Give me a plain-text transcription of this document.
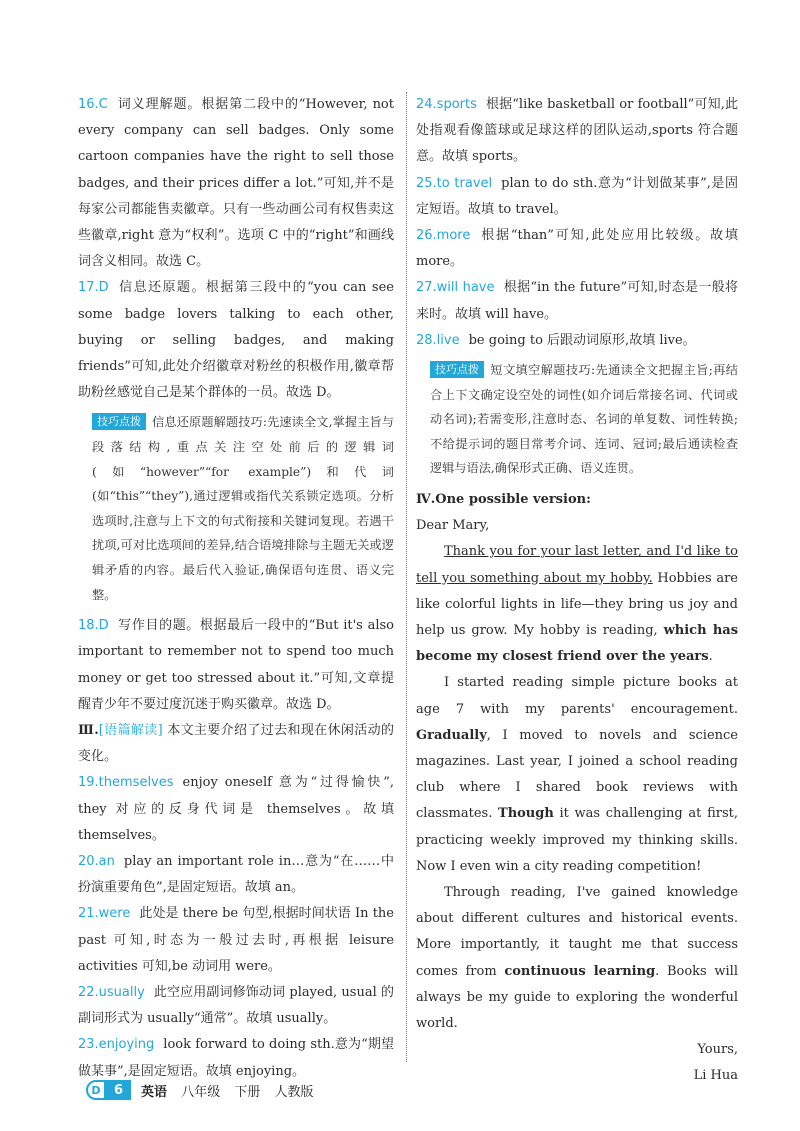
16.C 词义理解题。根据第二段中的“However, not every company can sell badges. Only some cartoon companies have the right to sell those badges, and their prices differ a lot.”可知,并不是每家公司都能售卖徽章。只有一些动画公司有权售卖这些徽章,right 意为“权利”。选项 C 中的“right”和画线词含义相同。故选 C。

17.D 信息还原题。根据第三段中的“you can see some badge lovers talking to each other, buying or selling badges, and making friends”可知,此处介绍徽章对粉丝的积极作用,徽章帮助粉丝感觉自己是某个群体的一员。故选 D。

技巧点拨 信息还原题解题技巧:先速读全文,掌握主旨与段落结构,重点关注空处前后的逻辑词(如“however”“for example”)和代词(如“this”“they”),通过逻辑或指代关系锁定选项。分析选项时,注意与上下文的句式衔接和关键词复现。若遇干扰项,可对比选项间的差异,结合语境排除与主题无关或逻辑矛盾的内容。最后代入验证,确保语句连贯、语义完整。

18.D 写作目的题。根据最后一段中的“But it's also important to remember not to spend too much money or get too stressed about it.”可知,文章提醒青少年不要过度沉迷于购买徽章。故选 D。

Ⅲ.[语篇解读] 本文主要介绍了过去和现在休闲活动的变化。

19.themselves enjoy oneself 意为“过得愉快”, they 对应的反身代词是 themselves。故填 themselves。

20.an play an important role in…意为“在……中扮演重要角色”,是固定短语。故填 an。

21.were 此处是 there be 句型,根据时间状语 In the past 可知,时态为一般过去时,再根据 leisure activities 可知,be 动词用 were。

22.usually 此空应用副词修饰动词 played, usual 的副词形式为 usually“通常”。故填 usually。

23.enjoying look forward to doing sth.意为“期望做某事”,是固定短语。故填 enjoying。

24.sports 根据“like basketball or football”可知,此处指观看像篮球或足球这样的团队运动,sports 符合题意。故填 sports。

25.to travel plan to do sth.意为“计划做某事”,是固定短语。故填 to travel。

26.more 根据“than”可知,此处应用比较级。故填 more。

27.will have 根据“in the future”可知,时态是一般将来时。故填 will have。

28.live be going to 后跟动词原形,故填 live。

技巧点拨 短文填空解题技巧:先通读全文把握主旨;再结合上下文确定设空处的词性(如介词后常接名词、代词或动名词);若需变形,注意时态、名词的单复数、词性转换;不给提示词的题目常考介词、连词、冠词;最后通读检查逻辑与语法,确保形式正确、语义连贯。

Ⅳ.One possible version:

Dear Mary,

Thank you for your last letter, and I'd like to tell you something about my hobby. Hobbies are like colorful lights in life—they bring us joy and help us grow. My hobby is reading, which has become my closest friend over the years.

I started reading simple picture books at age 7 with my parents' encouragement. Gradually, I moved to novels and science magazines. Last year, I joined a school reading club where I shared book reviews with classmates. Though it was challenging at first, practicing weekly improved my thinking skills. Now I even win a city reading competition!

Through reading, I've gained knowledge about different cultures and historical events. More importantly, it taught me that success comes from continuous learning. Books will always be my guide to exploring the wonderful world.

Yours,

Li Hua

D	6	英语 八年级 下册 人教版
